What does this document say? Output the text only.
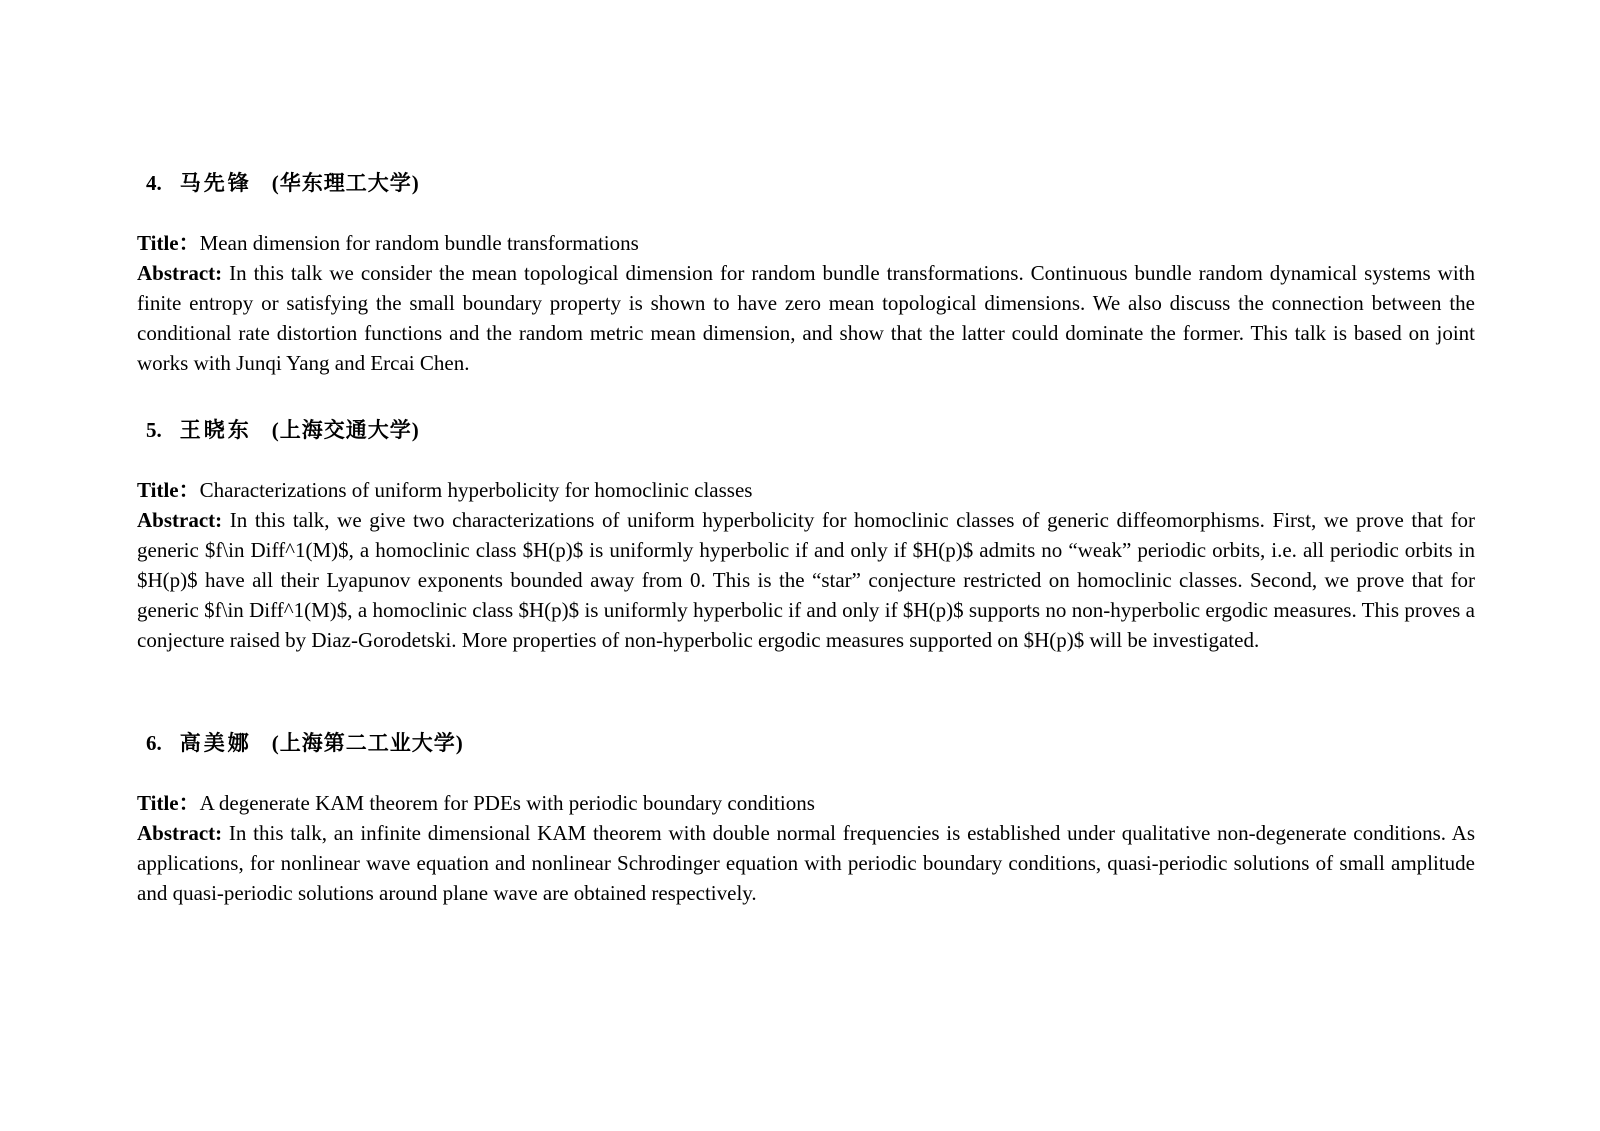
4. 马先锋 (华东理工大学)
Title：Mean dimension for random bundle transformations

Abstract: In this talk we consider the mean topological dimension for random bundle transformations. Continuous bundle random dynamical systems with finite entropy or satisfying the small boundary property is shown to have zero mean topological dimensions. We also discuss the connection between the conditional rate distortion functions and the random metric mean dimension, and show that the latter could dominate the former. This talk is based on joint works with Junqi Yang and Ercai Chen.

5. 王晓东 (上海交通大学)
Title：Characterizations of uniform hyperbolicity for homoclinic classes

Abstract: In this talk, we give two characterizations of uniform hyperbolicity for homoclinic classes of generic diffeomorphisms. First, we prove that for generic $f\in Diff^1(M)$, a homoclinic class $H(p)$ is uniformly hyperbolic if and only if $H(p)$ admits no “weak” periodic orbits, i.e. all periodic orbits in $H(p)$ have all their Lyapunov exponents bounded away from 0. This is the “star” conjecture restricted on homoclinic classes. Second, we prove that for generic $f\in Diff^1(M)$, a homoclinic class $H(p)$ is uniformly hyperbolic if and only if $H(p)$ supports no non-hyperbolic ergodic measures. This proves a conjecture raised by Diaz-Gorodetski. More properties of non-hyperbolic ergodic measures supported on $H(p)$ will be investigated.

6. 高美娜 (上海第二工业大学)
Title：A degenerate KAM theorem for PDEs with periodic boundary conditions

Abstract: In this talk, an infinite dimensional KAM theorem with double normal frequencies is established under qualitative non-degenerate conditions. As applications, for nonlinear wave equation and nonlinear Schrodinger equation with periodic boundary conditions, quasi-periodic solutions of small amplitude and quasi-periodic solutions around plane wave are obtained respectively.
